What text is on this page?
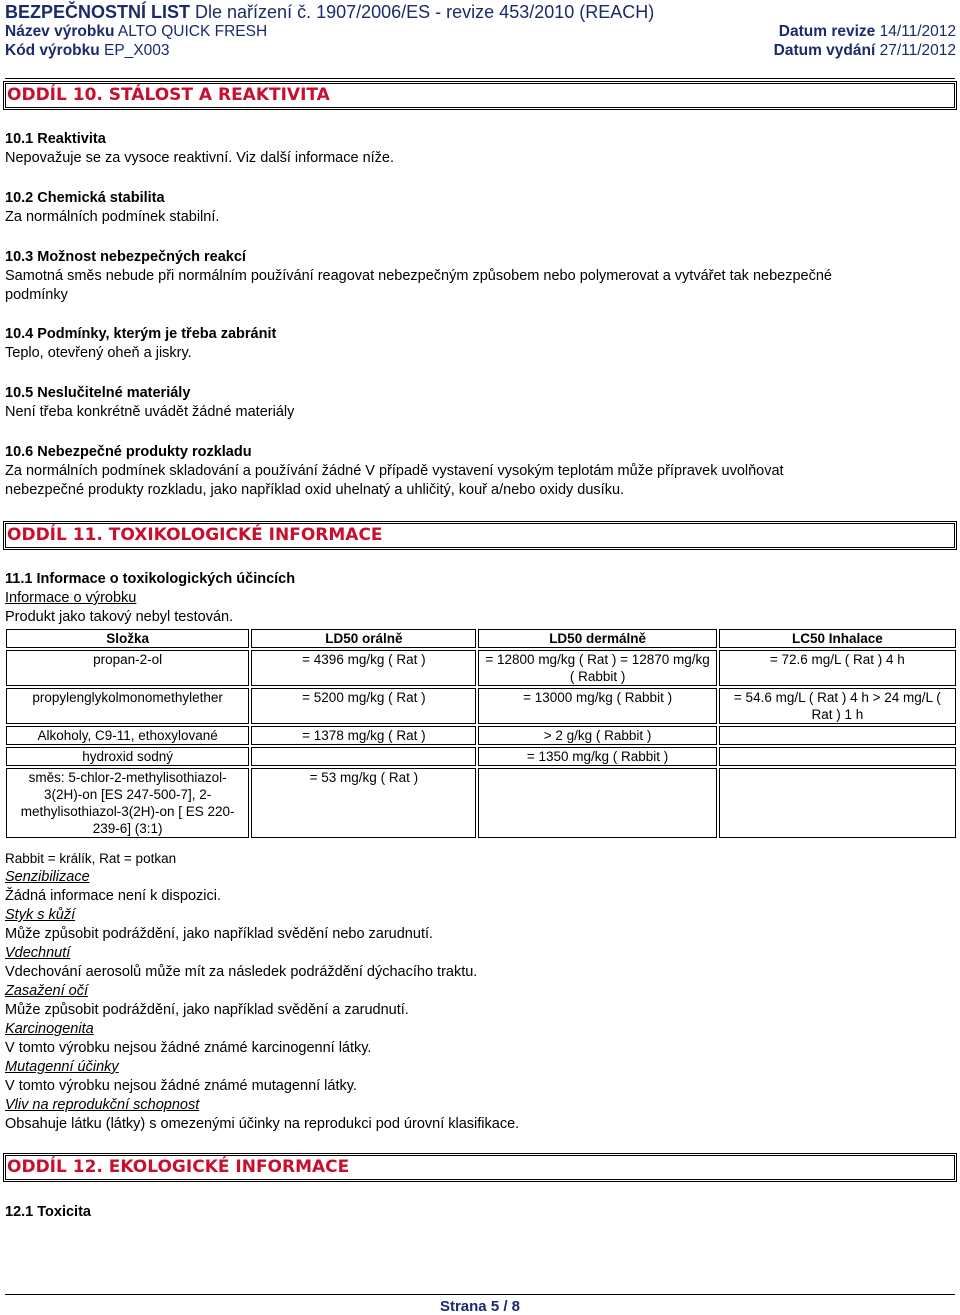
BEZPEČNOSTNÍ LIST Dle nařízení č. 1907/2006/ES - revize 453/2010 (REACH)
Název výrobku ALTO QUICK FRESH	Datum revize 14/11/2012
Kód výrobku EP_X003	Datum vydání 27/11/2012
ODDÍL 10. STÁLOST A REAKTIVITA
10.1 Reaktivita
Nepovažuje se za vysoce reaktivní. Viz další informace níže.
10.2 Chemická stabilita
Za normálních podmínek stabilní.
10.3 Možnost nebezpečných reakcí
Samotná směs nebude při normálním používání reagovat nebezpečným způsobem nebo polymerovat a vytvářet tak nebezpečné
podmínky
10.4 Podmínky, kterým je třeba zabránit
Teplo, otevřený oheň a jiskry.
10.5 Neslučitelné materiály
Není třeba konkrétně uvádět žádné materiály
10.6 Nebezpečné produkty rozkladu
Za normálních podmínek skladování a používání žádné V případě vystavení vysokým teplotám může přípravek uvolňovat
nebezpečné produkty rozkladu, jako například oxid uhelnatý a uhličitý, kouř a/nebo oxidy dusíku.
ODDÍL 11. TOXIKOLOGICKÉ INFORMACE
11.1 Informace o toxikologických účincích
Informace o výrobku
Produkt jako takový nebyl testován.
Složka	LD50 orálně	LD50 dermálně	LC50 Inhalace
propan-2-ol	= 4396 mg/kg ( Rat )	= 12800 mg/kg ( Rat ) = 12870 mg/kg ( Rabbit )	= 72.6 mg/L ( Rat ) 4 h
propylenglykolmonomethylether	= 5200 mg/kg ( Rat )	= 13000 mg/kg ( Rabbit )	= 54.6 mg/L ( Rat ) 4 h > 24 mg/L ( Rat ) 1 h
Alkoholy, C9-11, ethoxylované	= 1378 mg/kg ( Rat )	> 2 g/kg ( Rabbit )	
hydroxid sodný		= 1350 mg/kg ( Rabbit )	
směs: 5-chlor-2-methylisothiazol-3(2H)-on [ES 247-500-7], 2-methylisothiazol-3(2H)-on [ ES 220-239-6] (3:1)	= 53 mg/kg ( Rat )		
Rabbit = králík, Rat = potkan
Senzibilizace
Žádná informace není k dispozici.
Styk s kůží
Může způsobit podráždění, jako například svědění nebo zarudnutí.
Vdechnutí
Vdechování aerosolů může mít za následek podráždění dýchacího traktu.
Zasažení očí
Může způsobit podráždění, jako například svědění a zarudnutí.
Karcinogenita
V tomto výrobku nejsou žádné známé karcinogenní látky.
Mutagenní účinky
V tomto výrobku nejsou žádné známé mutagenní látky.
Vliv na reprodukční schopnost
Obsahuje látku (látky) s omezenými účinky na reprodukci pod úrovní klasifikace.
ODDÍL 12. EKOLOGICKÉ INFORMACE
12.1 Toxicita
Strana 5 / 8
